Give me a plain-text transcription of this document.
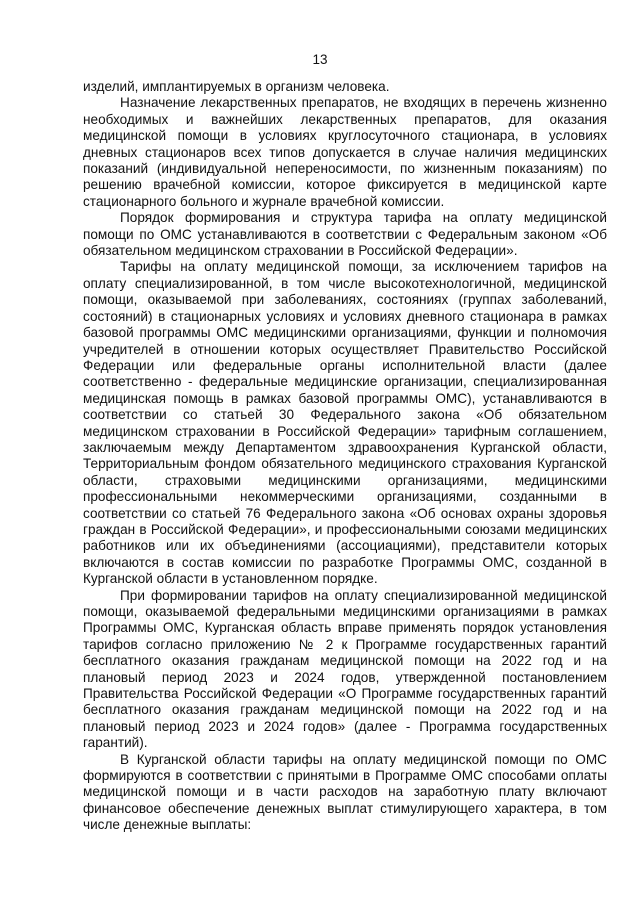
13

изделий, имплантируемых в организм человека.

Назначение лекарственных препаратов, не входящих в перечень жизненно необходимых и важнейших лекарственных препаратов, для оказания медицинской помощи в условиях круглосуточного стационара, в условиях дневных стационаров всех типов допускается в случае наличия медицинских показаний (индивидуальной непереносимости, по жизненным показаниям) по решению врачебной комиссии, которое фиксируется в медицинской карте стационарного больного и журнале врачебной комиссии.

Порядок формирования и структура тарифа на оплату медицинской помощи по ОМС устанавливаются в соответствии с Федеральным законом «Об обязательном медицинском страховании в Российской Федерации».

Тарифы на оплату медицинской помощи, за исключением тарифов на оплату специализированной, в том числе высокотехнологичной, медицинской помощи, оказываемой при заболеваниях, состояниях (группах заболеваний, состояний) в стационарных условиях и условиях дневного стационара в рамках базовой программы ОМС медицинскими организациями, функции и полномочия учредителей в отношении которых осуществляет Правительство Российской Федерации или федеральные органы исполнительной власти (далее соответственно - федеральные медицинские организации, специализированная медицинская помощь в рамках базовой программы ОМС), устанавливаются в соответствии со статьей 30 Федерального закона «Об обязательном медицинском страховании в Российской Федерации» тарифным соглашением, заключаемым между Департаментом здравоохранения Курганской области, Территориальным фондом обязательного медицинского страхования Курганской области, страховыми медицинскими организациями, медицинскими профессиональными некоммерческими организациями, созданными в соответствии со статьей 76 Федерального закона «Об основах охраны здоровья граждан в Российской Федерации», и профессиональными союзами медицинских работников или их объединениями (ассоциациями), представители которых включаются в состав комиссии по разработке Программы ОМС, созданной в Курганской области в установленном порядке.

При формировании тарифов на оплату специализированной медицинской помощи, оказываемой федеральными медицинскими организациями в рамках Программы ОМС, Курганская область вправе применять порядок установления тарифов согласно приложению № 2 к Программе государственных гарантий бесплатного оказания гражданам медицинской помощи на 2022 год и на плановый период 2023 и 2024 годов, утвержденной постановлением Правительства Российской Федерации «О Программе государственных гарантий бесплатного оказания гражданам медицинской помощи на 2022 год и на плановый период 2023 и 2024 годов» (далее - Программа государственных гарантий).

В Курганской области тарифы на оплату медицинской помощи по ОМС формируются в соответствии с принятыми в Программе ОМС способами оплаты медицинской помощи и в части расходов на заработную плату включают финансовое обеспечение денежных выплат стимулирующего характера, в том числе денежные выплаты:
